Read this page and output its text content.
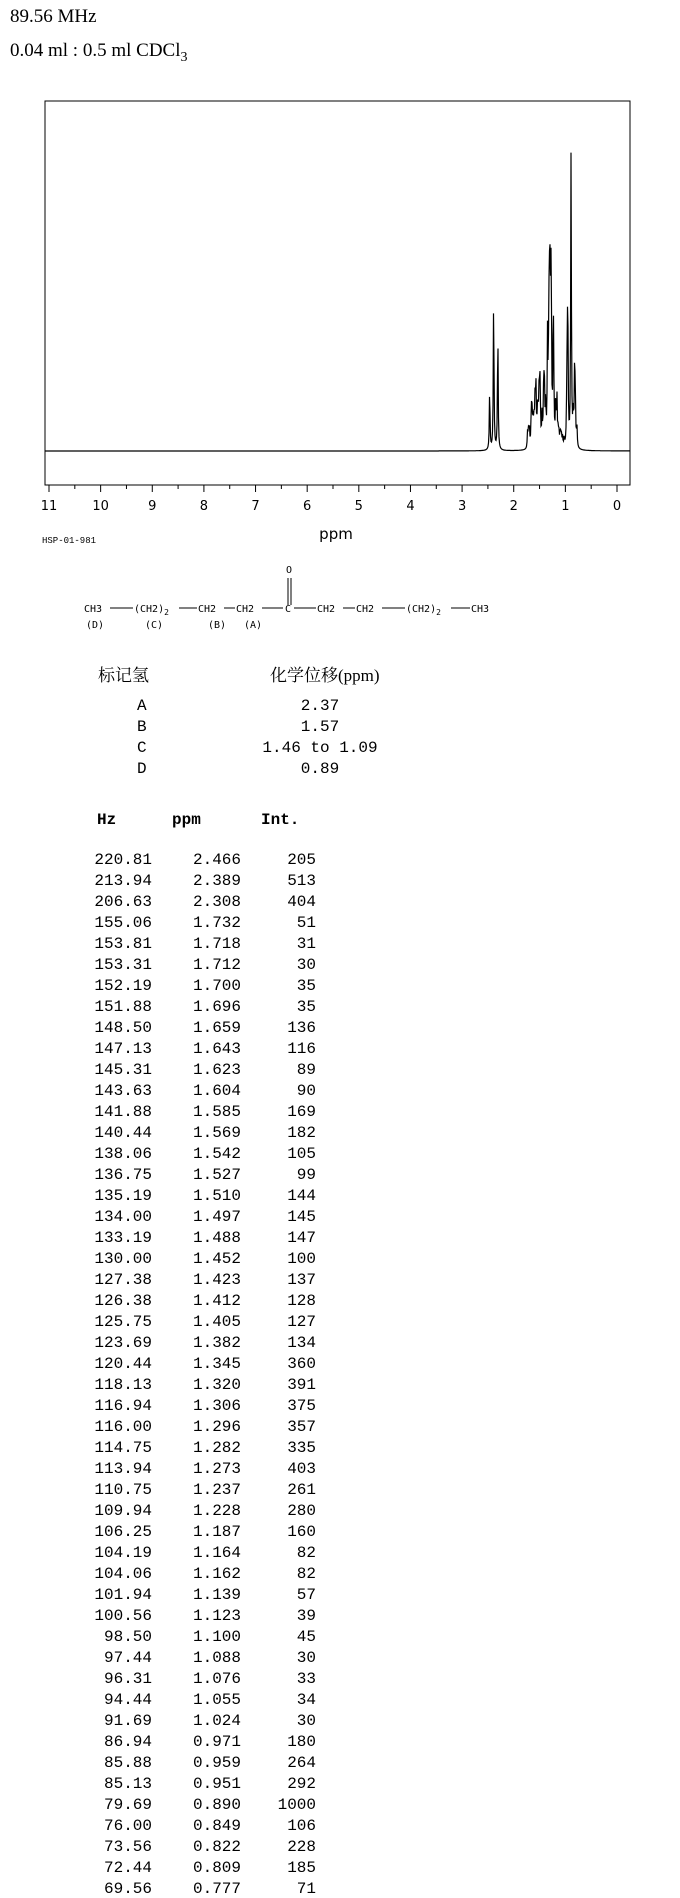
89.56 MHz
0.04 ml : 0.5 ml CDCl$_3$
11	10	9	8	7	6	5	4	3	2	1	0
ppm
HSP-01-981
O
CH3	$(CH2)_2$	CH2 CH2	C	CH2 CH2	$(CH2)_2$	CH3
(D)	(C)	(B) (A)
标记氢	化学位移(ppm)
A	2.37
B	1.57
C	1.46 to 1.09
D	0.89
Hz	ppm	Int.
220.81	2.466	205
213.94	2.389	513
206.63	2.308	404
155.06	1.732	51
153.81	1.718	31
153.31	1.712	30
152.19	1.700	35
151.88	1.696	35
148.50	1.659	136
147.13	1.643	116
145.31	1.623	89
143.63	1.604	90
141.88	1.585	169
140.44	1.569	182
138.06	1.542	105
136.75	1.527	99
135.19	1.510	144
134.00	1.497	145
133.19	1.488	147
130.00	1.452	100
127.38	1.423	137
126.38	1.412	128
125.75	1.405	127
123.69	1.382	134
120.44	1.345	360
118.13	1.320	391
116.94	1.306	375
116.00	1.296	357
114.75	1.282	335
113.94	1.273	403
110.75	1.237	261
109.94	1.228	280
106.25	1.187	160
104.19	1.164	82
104.06	1.162	82
101.94	1.139	57
100.56	1.123	39
98.50	1.100	45
97.44	1.088	30
96.31	1.076	33
94.44	1.055	34
91.69	1.024	30
86.94	0.971	180
85.88	0.959	264
85.13	0.951	292
79.69	0.890	1000
76.00	0.849	106
73.56	0.822	228
72.44	0.809	185
69.56	0.777	71
